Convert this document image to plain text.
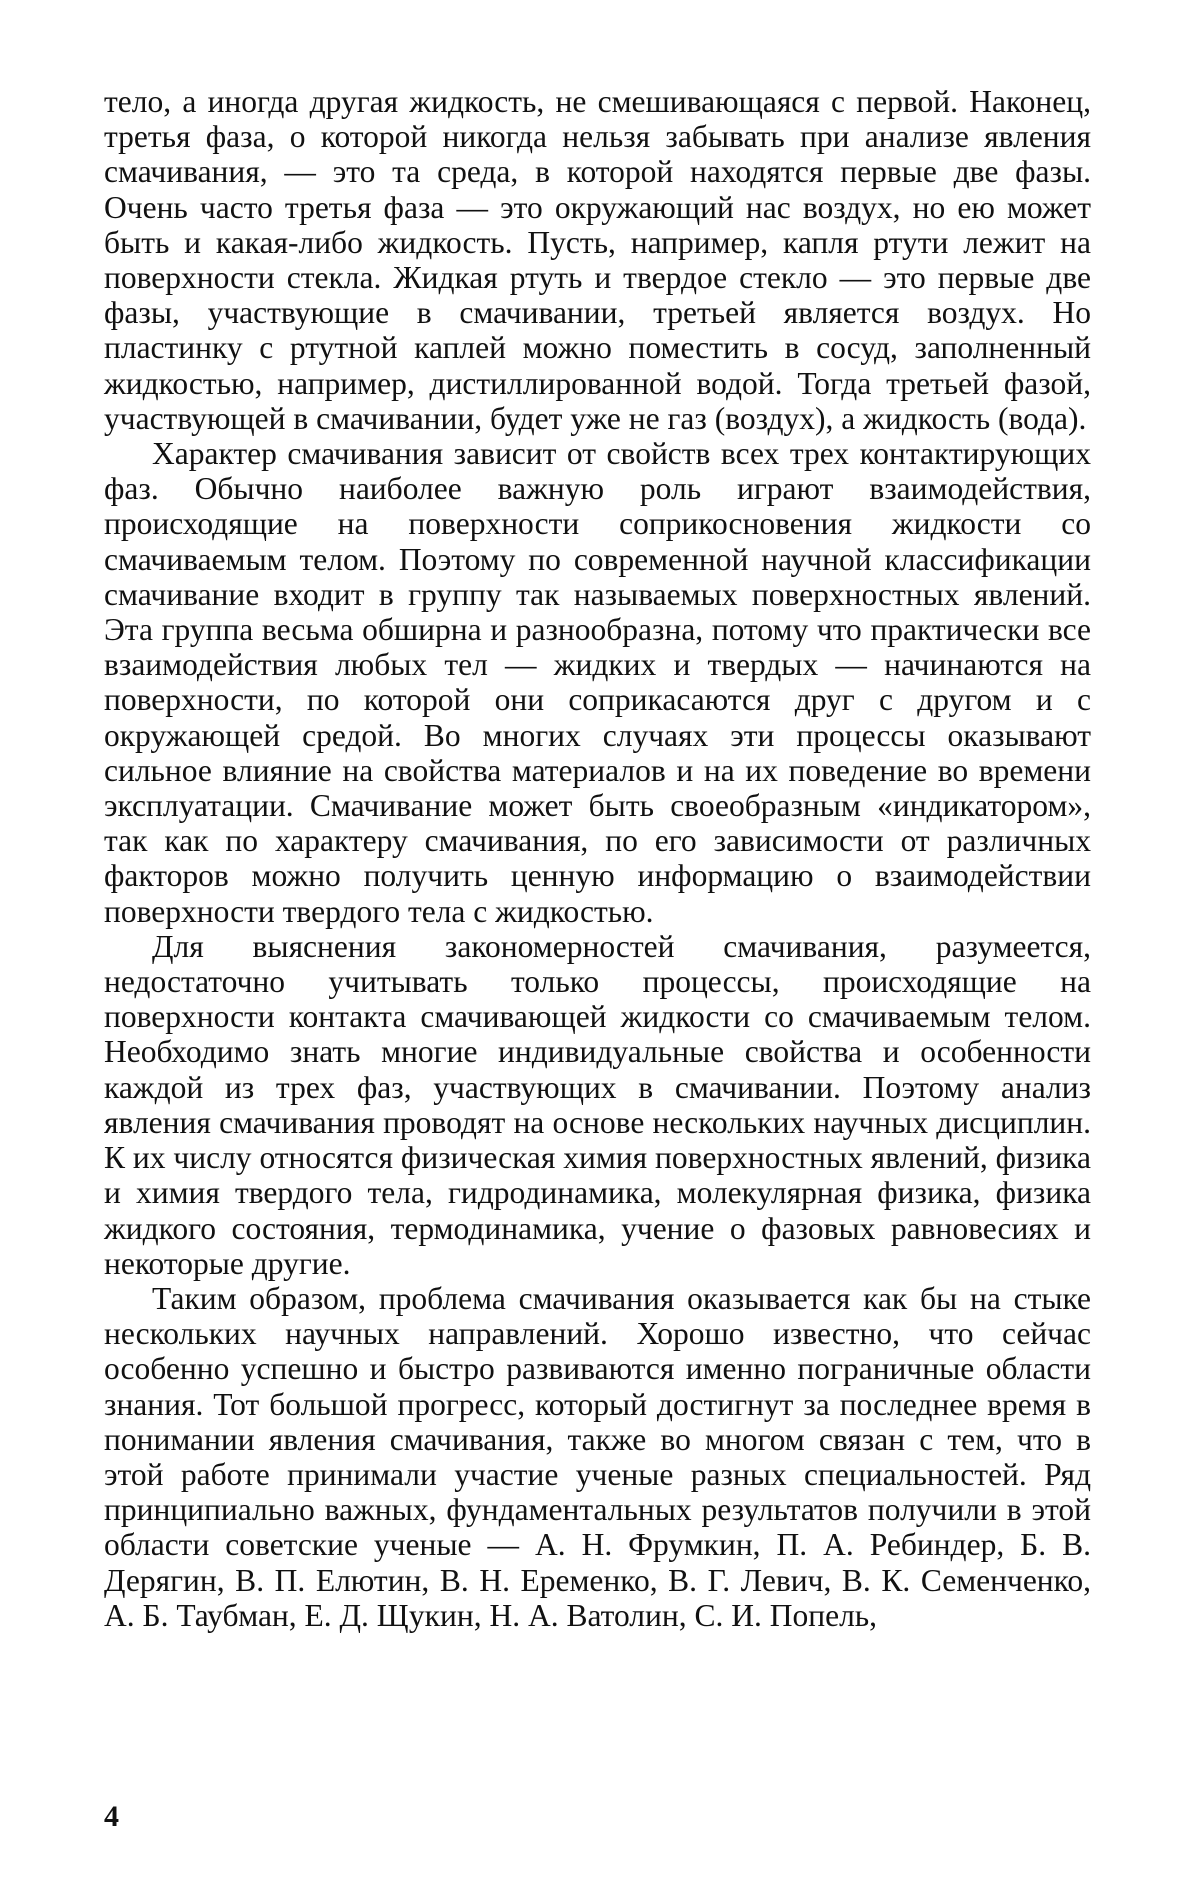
тело, а иногда другая жидкость, не смешивающаяся с первой. Наконец, третья фаза, о которой никогда нельзя забывать при анализе явления смачивания, — это та среда, в которой находятся первые две фазы. Очень часто третья фаза — это окружающий нас воздух, но ею может быть и какая-либо жидкость. Пусть, например, капля ртути лежит на поверхности стекла. Жидкая ртуть и твердое стекло — это первые две фазы, участвующие в смачивании, третьей является воздух. Но пластинку с ртутной каплей можно поместить в сосуд, заполненный жидкостью, например, дистиллированной водой. Тогда третьей фазой, участвующей в смачивании, будет уже не газ (воздух), а жидкость (вода).

Характер смачивания зависит от свойств всех трех контактирующих фаз. Обычно наиболее важную роль играют взаимодействия, происходящие на поверхности соприкосновения жидкости со смачиваемым телом. Поэтому по современной научной классификации смачивание входит в группу так называемых поверхностных явлений. Эта группа весьма обширна и разнообразна, потому что практически все взаимодействия любых тел — жидких и твердых — начинаются на поверхности, по которой они соприкасаются друг с другом и с окружающей средой. Во многих случаях эти процессы оказывают сильное влияние на свойства материалов и на их поведение во времени эксплуатации. Смачивание может быть своеобразным «индикатором», так как по характеру смачивания, по его зависимости от различных факторов можно получить ценную информацию о взаимодействии поверхности твердого тела с жидкостью.

Для выяснения закономерностей смачивания, разумеется, недостаточно учитывать только процессы, происходящие на поверхности контакта смачивающей жидкости со смачиваемым телом. Необходимо знать многие индивидуальные свойства и особенности каждой из трех фаз, участвующих в смачивании. Поэтому анализ явления смачивания проводят на основе нескольких научных дисциплин. К их числу относятся физическая химия поверхностных явлений, физика и химия твердого тела, гидродинамика, молекулярная физика, физика жидкого состояния, термодинамика, учение о фазовых равновесиях и некоторые другие.

Таким образом, проблема смачивания оказывается как бы на стыке нескольких научных направлений. Хорошо известно, что сейчас особенно успешно и быстро развиваются именно пограничные области знания. Тот большой прогресс, который достигнут за последнее время в понимании явления смачивания, также во многом связан с тем, что в этой работе принимали участие ученые разных специальностей. Ряд принципиально важных, фундаментальных результатов получили в этой области советские ученые — А. Н. Фрумкин, П. А. Ребиндер, Б. В. Дерягин, В. П. Елютин, В. Н. Еременко, В. Г. Левич, В. К. Семенченко, А. Б. Таубман, Е. Д. Щукин, Н. А. Ватолин, С. И. Попель,

4
